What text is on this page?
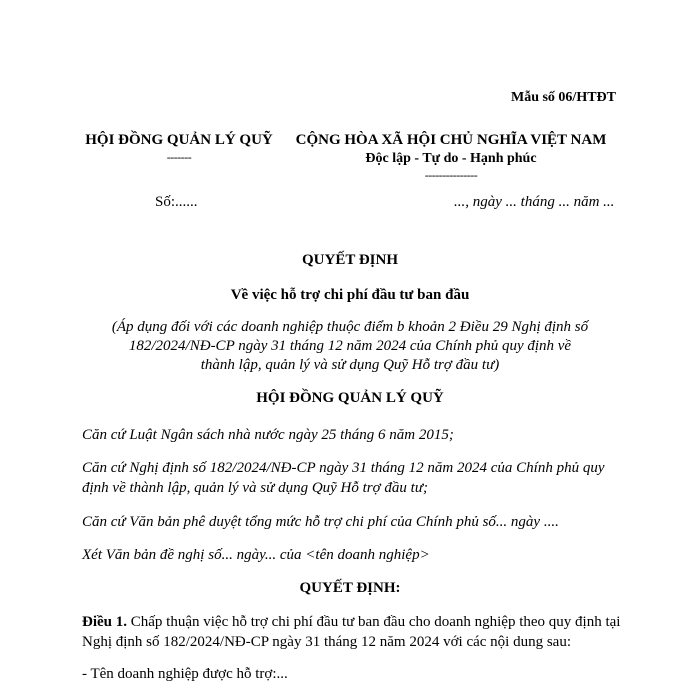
Mẫu số 06/HTĐT

HỘI ĐỒNG QUẢN LÝ QUỸ
-------
CỘNG HÒA XÃ HỘI CHỦ NGHĨA VIỆT NAM
Độc lập - Tự do - Hạnh phúc
---------------

Số:......	..., ngày ... tháng ... năm ...

QUYẾT ĐỊNH

Về việc hỗ trợ chi phí đầu tư ban đầu

(Áp dụng đối với các doanh nghiệp thuộc điểm b khoản 2 Điều 29 Nghị định số 182/2024/NĐ-CP ngày 31 tháng 12 năm 2024 của Chính phủ quy định về thành lập, quản lý và sử dụng Quỹ Hỗ trợ đầu tư)

HỘI ĐỒNG QUẢN LÝ QUỸ

Căn cứ Luật Ngân sách nhà nước ngày 25 tháng 6 năm 2015;

Căn cứ Nghị định số 182/2024/NĐ-CP ngày 31 tháng 12 năm 2024 của Chính phủ quy định về thành lập, quản lý và sử dụng Quỹ Hỗ trợ đầu tư;

Căn cứ Văn bản phê duyệt tổng mức hỗ trợ chi phí của Chính phủ số... ngày ....

Xét Văn bản đề nghị số... ngày... của <tên doanh nghiệp>

QUYẾT ĐỊNH:

Điều 1. Chấp thuận việc hỗ trợ chi phí đầu tư ban đầu cho doanh nghiệp theo quy định tại Nghị định số 182/2024/NĐ-CP ngày 31 tháng 12 năm 2024 với các nội dung sau:

- Tên doanh nghiệp được hỗ trợ:...
